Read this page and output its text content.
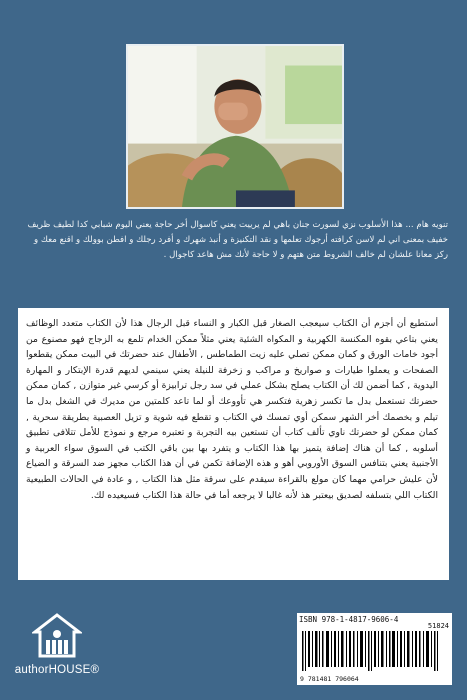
تنويه هام ... هذا الأسلوب نزي لسورت جنان باهي لم يرييت يعني كاسوال أخر حاجة يعني اليوم شبابي كدا لطيف ظريف خفيف بمعنى اني لم لاسن كرافته أرجوك تعلمها و نقد التكنيزة و أنبذ شهرك و أفرد رجلك و افطن بوولك و اقنع معك و ركز معانا علشان لم خالف الشروط متن هتهم و لا حاجة لأنك مش هاعد كاجوال .
أستطيع أن أجزم أن الكتاب سيعجب الصغار قبل الكبار و النساء قبل الرجال هذا لأن الكتاب متعدد الوظائف يعني بتاعي بقوه المكنسة الكهربية و المكواه الشئية يعني مثلاً ممكن الخدام تلمع به الزجاج فهو مصنوع من أجود خامات الورق و كمان ممكن تصلي عليه زيت الطماطس , الأطفال عند حضرتك في البيت ممكن يقطعوا الصفحات و يعملوا طيارات و صواريخ و مراكب و زخرفة للنيلة يعني سينمي لديهم قدرة الإبتكار و المهارة اليدوية , كما أضمن لك أن الكتاب يصلح بشكل عملي في سد رجل ترابيزة أو كرسي غير متوازن , كمان ممكن حضرتك تستعمل بدل ما تكسر زهرية فتكسر هي تأووعك أو لما تاعد كلمتين من مديرك في الشغل بدل ما تيلم و بخصمك أخر الشهر سمكن أوي تمسك في الكتاب و تقطع فيه شوية و تزيل العصبية بطريقة سحرية , كمان ممكن لو حضرتك ناوي تألف كتاب أن تستعين بيه التجربة و تعتبره مرجع و نموذج للأمل تتلافى تطبيق أسلوبه , كما أن هناك إضافة يتميز بها هذا الكتاب و يتفرد بها بين باقي الكتب في السوق سواء العربية و الأجنبية يعني بتنافس السوق الأوروبي أهو و هذه الإضافة تكمن في أن هذا الكتاب مجهز ضد السرقة و الضياع لأن عليش حرامي مهما كان مولع بالقراءة سيقدم على سرقة مثل هذا الكتاب , و عادة في الحالات الطبيعية الكتاب اللي بتسلفه لصديق بيعتبر هذ لأنه غالبا لا يرجعه أما في حالة هذا الكتاب فسيعيده لك.
authorHOUSE®
ISBN 978-1-4817-9606-4
51824
9 781481 796064
